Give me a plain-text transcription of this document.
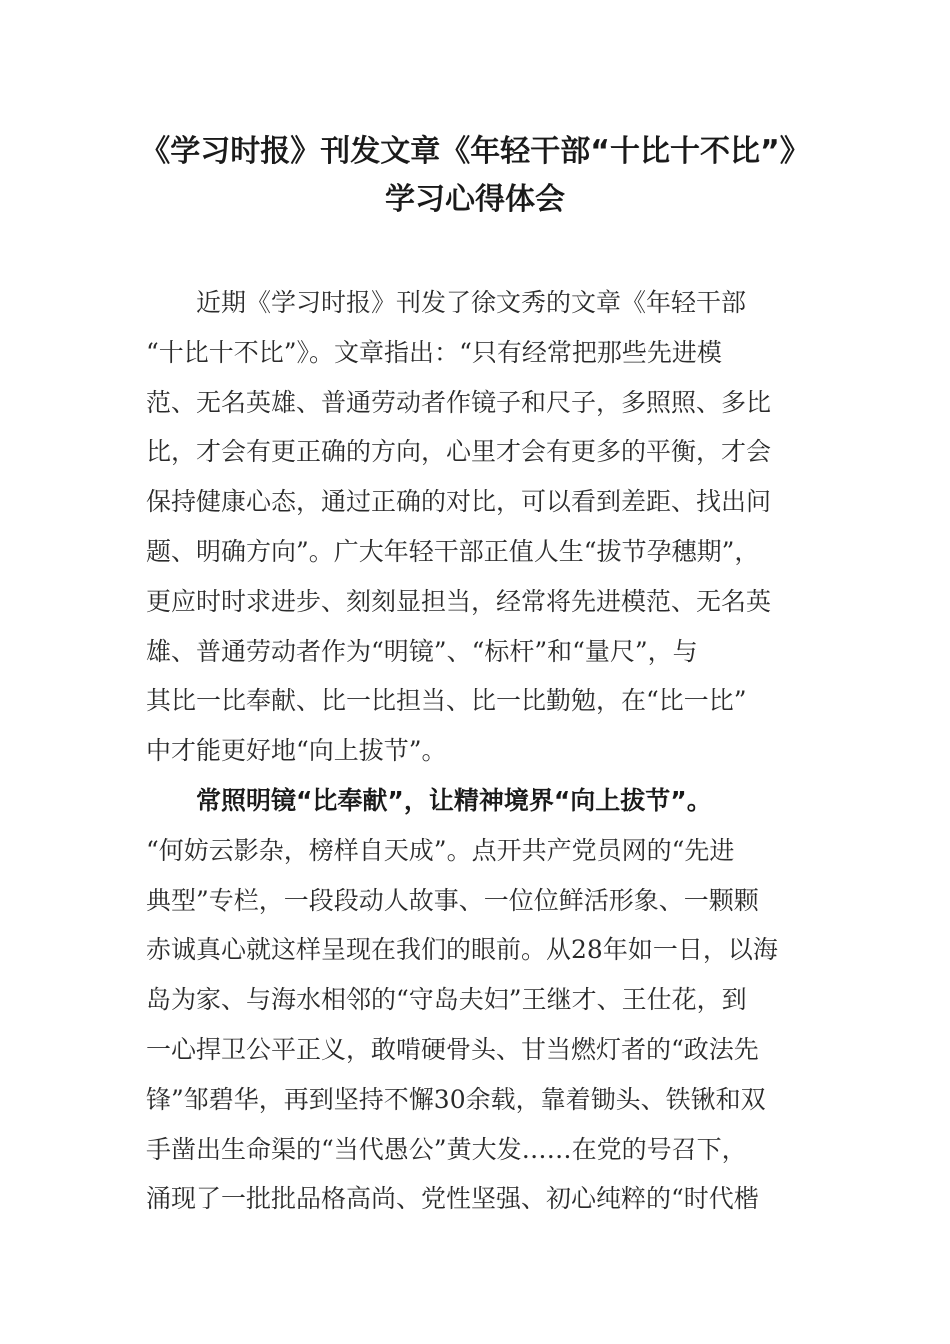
《学习时报》刊发文章《年轻干部“十比十不比”》
学习心得体会
近期《学习时报》刊发了徐文秀的文章《年轻干部
“十比十不比”》。文章指出：“只有经常把那些先进模
范、无名英雄、普通劳动者作镜子和尺子，多照照、多比
比，才会有更正确的方向，心里才会有更多的平衡，才会
保持健康心态，通过正确的对比，可以看到差距、找出问
题、明确方向”。广大年轻干部正值人生“拔节孕穗期”，
更应时时求进步、刻刻显担当，经常将先进模范、无名英
雄、普通劳动者作为“明镜”、“标杆”和“量尺”，与
其比一比奉献、比一比担当、比一比勤勉，在“比一比”
中才能更好地“向上拔节”。
常照明镜“比奉献”，让精神境界“向上拔节”。
“何妨云影杂，榜样自天成”。点开共产党员网的“先进
典型”专栏，一段段动人故事、一位位鲜活形象、一颗颗
赤诚真心就这样呈现在我们的眼前。从28年如一日，以海
岛为家、与海水相邻的“守岛夫妇”王继才、王仕花，到
一心捍卫公平正义，敢啃硬骨头、甘当燃灯者的“政法先
锋”邹碧华，再到坚持不懈30余载，靠着锄头、铁锹和双
手凿出生命渠的“当代愚公”黄大发……在党的号召下，
涌现了一批批品格高尚、党性坚强、初心纯粹的“时代楷
